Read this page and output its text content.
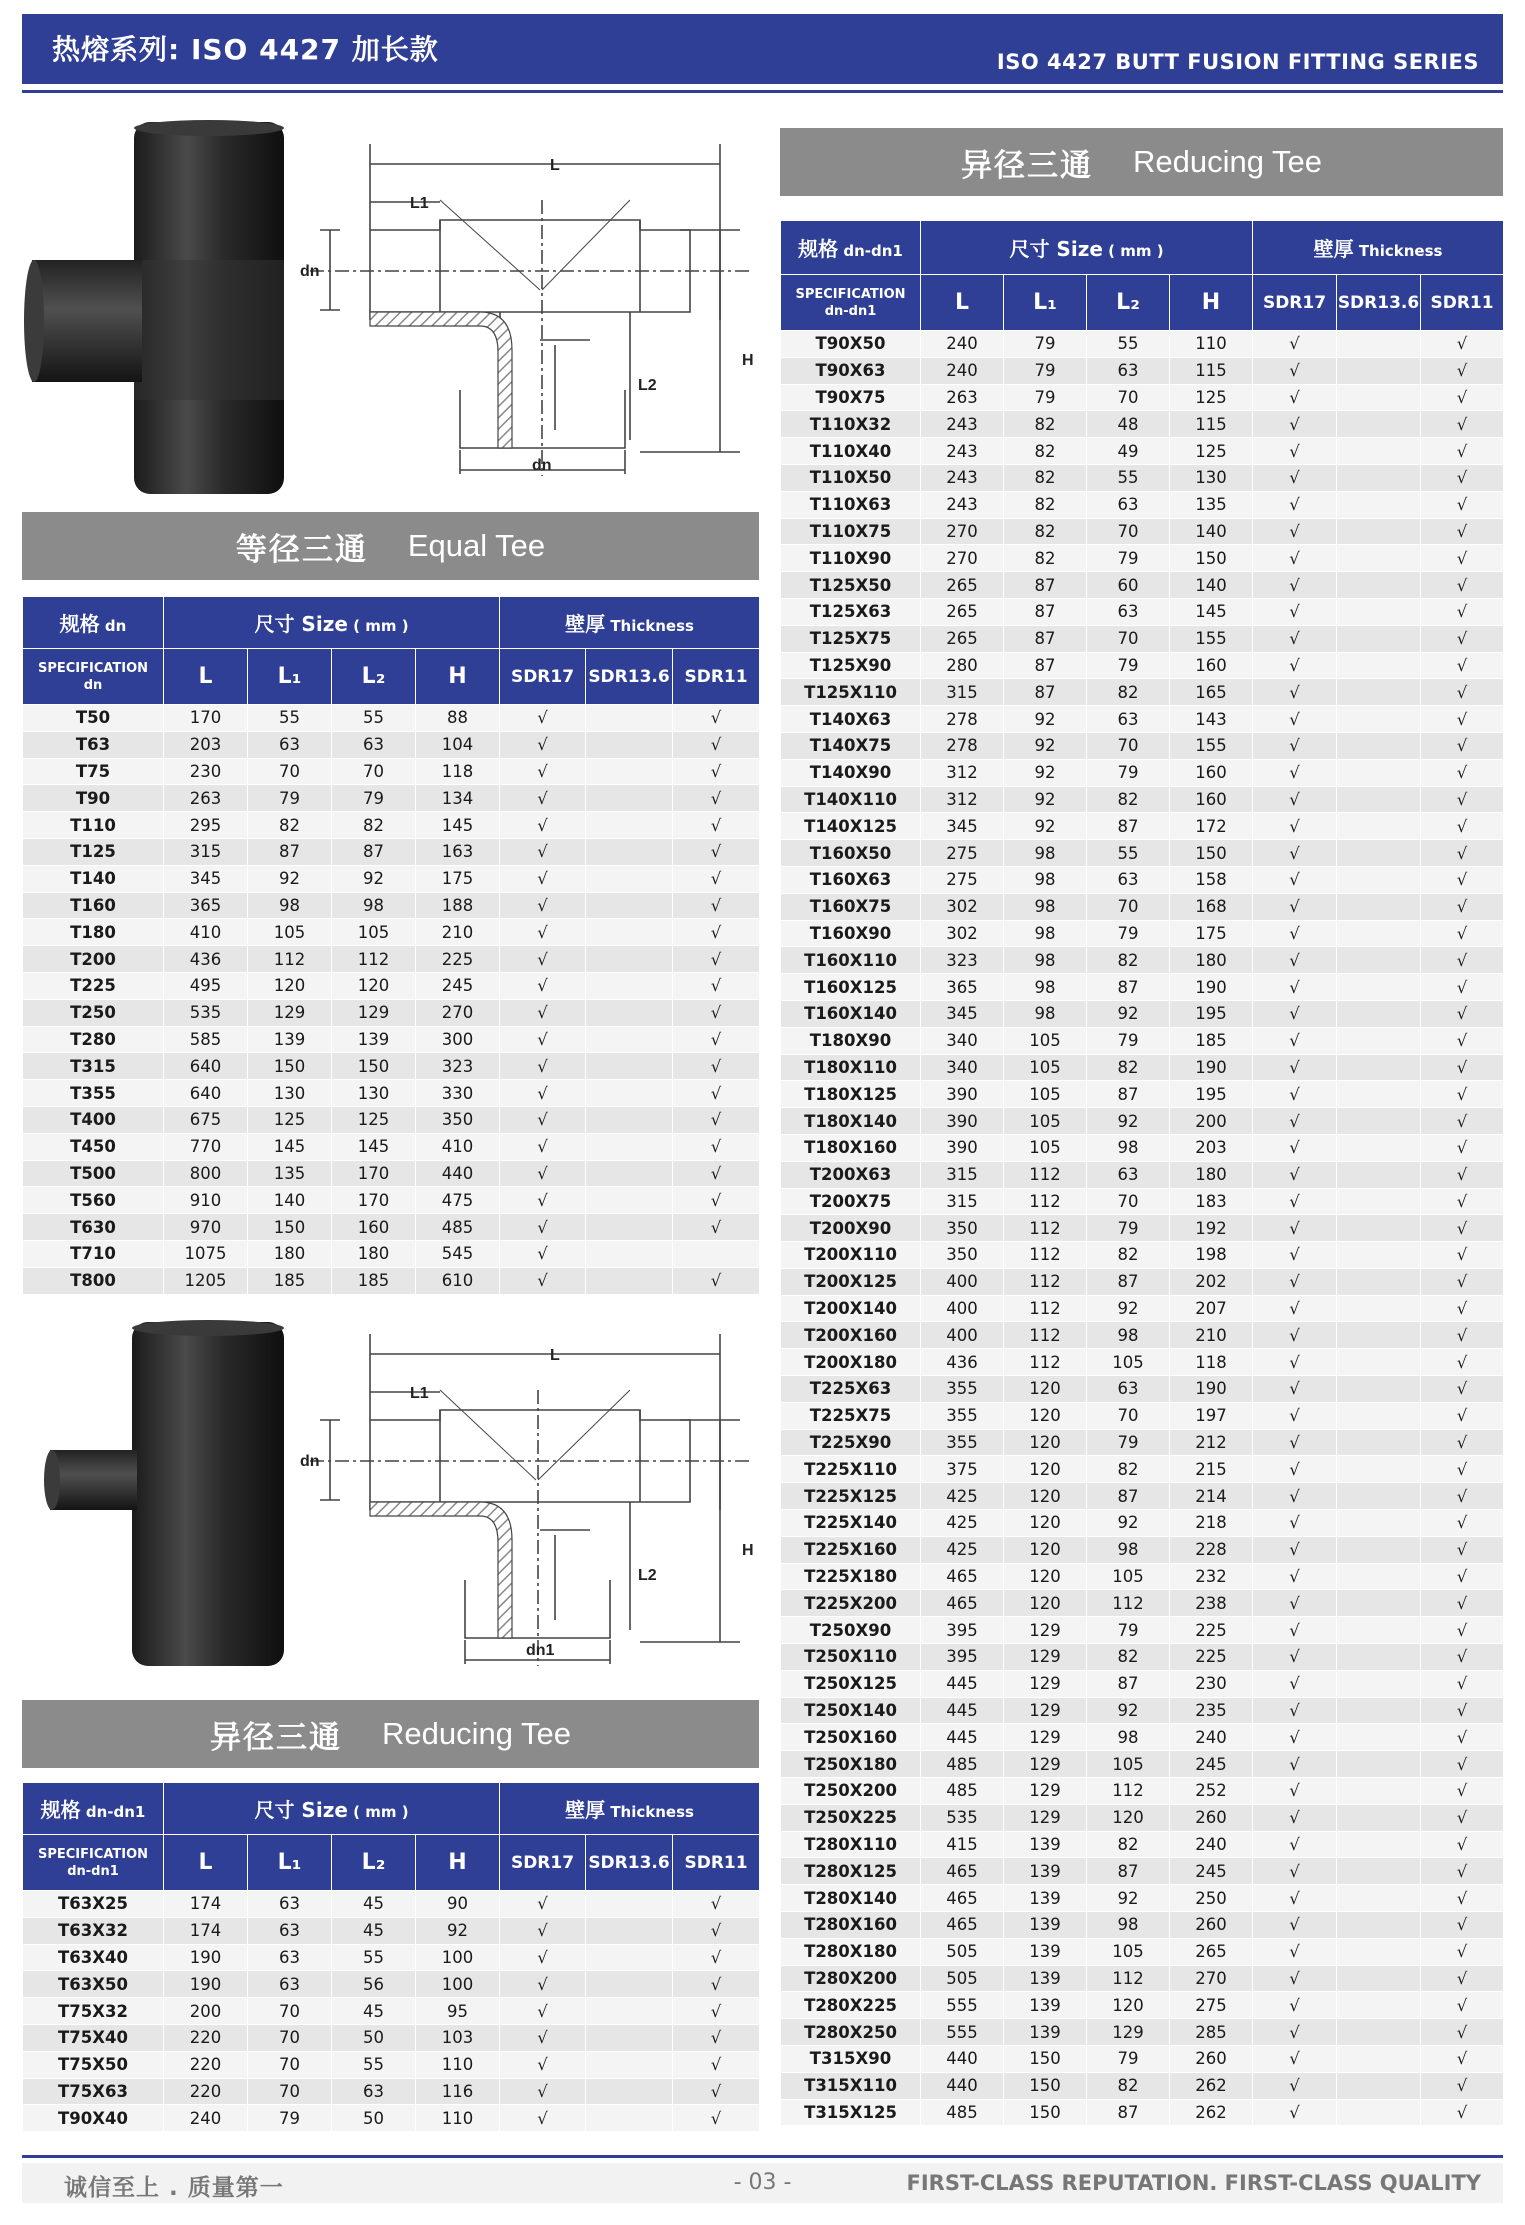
热熔系列: ISO 4427 加长款	ISO 4427 BUTT FUSION FITTING SERIES
L
L1
dn
L2
H
dn
等径三通 Equal Tee
规格 dn	尺寸 Size ( mm )				壁厚 Thickness		

SPECIFICATION
dn	L	L₁	L₂	H	SDR17	SDR13.6	SDR11
T50	170	55	55	88	√		√
T63	203	63	63	104	√		√
T75	230	70	70	118	√		√
T90	263	79	79	134	√		√
T110	295	82	82	145	√		√
T125	315	87	87	163	√		√
T140	345	92	92	175	√		√
T160	365	98	98	188	√		√
T180	410	105	105	210	√		√
T200	436	112	112	225	√		√
T225	495	120	120	245	√		√
T250	535	129	129	270	√		√
T280	585	139	139	300	√		√
T315	640	150	150	323	√		√
T355	640	130	130	330	√		√
T400	675	125	125	350	√		√
T450	770	145	145	410	√		√
T500	800	135	170	440	√		√
T560	910	140	170	475	√		√
T630	970	150	160	485	√		√
T710	1075	180	180	545	√		
T800	1205	185	185	610	√		√
L
L1
dn
L2
H
dn1
异径三通 Reducing Tee
规格 dn-dn1	尺寸 Size ( mm )				壁厚 Thickness		

SPECIFICATION
dn-dn1	L	L₁	L₂	H	SDR17	SDR13.6	SDR11
T63X25	174	63	45	90	√		√
T63X32	174	63	45	92	√		√
T63X40	190	63	55	100	√		√
T63X50	190	63	56	100	√		√
T75X32	200	70	45	95	√		√
T75X40	220	70	50	103	√		√
T75X50	220	70	55	110	√		√
T75X63	220	70	63	116	√		√
T90X40	240	79	50	110	√		√
异径三通 Reducing Tee
规格 dn-dn1	尺寸 Size ( mm )				壁厚 Thickness		

SPECIFICATION
dn-dn1	L	L₁	L₂	H	SDR17	SDR13.6	SDR11
T90X50	240	79	55	110	√		√
T90X63	240	79	63	115	√		√
T90X75	263	79	70	125	√		√
T110X32	243	82	48	115	√		√
T110X40	243	82	49	125	√		√
T110X50	243	82	55	130	√		√
T110X63	243	82	63	135	√		√
T110X75	270	82	70	140	√		√
T110X90	270	82	79	150	√		√
T125X50	265	87	60	140	√		√
T125X63	265	87	63	145	√		√
T125X75	265	87	70	155	√		√
T125X90	280	87	79	160	√		√
T125X110	315	87	82	165	√		√
T140X63	278	92	63	143	√		√
T140X75	278	92	70	155	√		√
T140X90	312	92	79	160	√		√
T140X110	312	92	82	160	√		√
T140X125	345	92	87	172	√		√
T160X50	275	98	55	150	√		√
T160X63	275	98	63	158	√		√
T160X75	302	98	70	168	√		√
T160X90	302	98	79	175	√		√
T160X110	323	98	82	180	√		√
T160X125	365	98	87	190	√		√
T160X140	345	98	92	195	√		√
T180X90	340	105	79	185	√		√
T180X110	340	105	82	190	√		√
T180X125	390	105	87	195	√		√
T180X140	390	105	92	200	√		√
T180X160	390	105	98	203	√		√
T200X63	315	112	63	180	√		√
T200X75	315	112	70	183	√		√
T200X90	350	112	79	192	√		√
T200X110	350	112	82	198	√		√
T200X125	400	112	87	202	√		√
T200X140	400	112	92	207	√		√
T200X160	400	112	98	210	√		√
T200X180	436	112	105	118	√		√
T225X63	355	120	63	190	√		√
T225X75	355	120	70	197	√		√
T225X90	355	120	79	212	√		√
T225X110	375	120	82	215	√		√
T225X125	425	120	87	214	√		√
T225X140	425	120	92	218	√		√
T225X160	425	120	98	228	√		√
T225X180	465	120	105	232	√		√
T225X200	465	120	112	238	√		√
T250X90	395	129	79	225	√		√
T250X110	395	129	82	225	√		√
T250X125	445	129	87	230	√		√
T250X140	445	129	92	235	√		√
T250X160	445	129	98	240	√		√
T250X180	485	129	105	245	√		√
T250X200	485	129	112	252	√		√
T250X225	535	129	120	260	√		√
T280X110	415	139	82	240	√		√
T280X125	465	139	87	245	√		√
T280X140	465	139	92	250	√		√
T280X160	465	139	98	260	√		√
T280X180	505	139	105	265	√		√
T280X200	505	139	112	270	√		√
T280X225	555	139	120	275	√		√
T280X250	555	139	129	285	√		√
T315X90	440	150	79	260	√		√
T315X110	440	150	82	262	√		√
T315X125	485	150	87	262	√		√
诚信至上 . 质量第一	- 03 -	FIRST-CLASS REPUTATION. FIRST-CLASS QUALITY
